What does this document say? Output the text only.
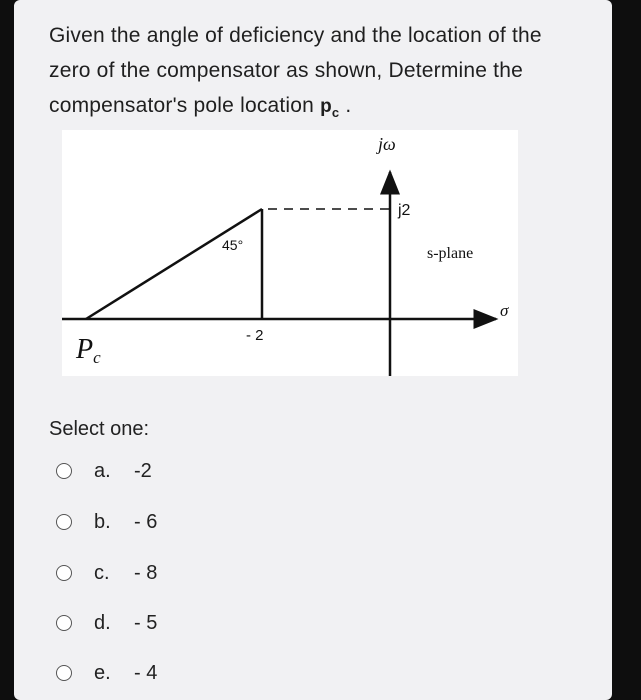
Given the angle of deficiency and the location of the zero of the compensator as shown, Determine the compensator's pole location $p_c$ .
jω
j2
45°	s-plane
σ
- 2
Pc
Select one:
a.	-2
b.	- 6
c.	- 8
d.	- 5
e.	- 4
